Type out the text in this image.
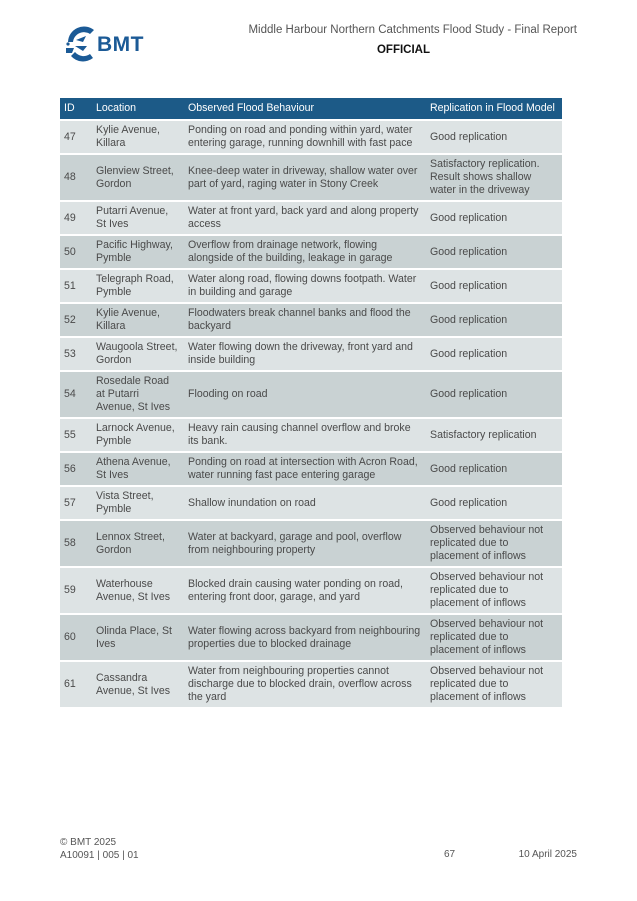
BMT
Middle Harbour Northern Catchments Flood Study - Final Report
OFFICIAL
ID	Location	Observed Flood Behaviour	Replication in Flood Model
47	Kylie Avenue, Killara	Ponding on road and ponding within yard, water entering garage, running downhill with fast pace	Good replication
48	Glenview Street, Gordon	Knee-deep water in driveway, shallow water over part of yard, raging water in Stony Creek	Satisfactory replication. Result shows shallow water in the driveway
49	Putarri Avenue, St Ives	Water at front yard, back yard and along property access	Good replication
50	Pacific Highway, Pymble	Overflow from drainage network, flowing alongside of the building, leakage in garage	Good replication
51	Telegraph Road, Pymble	Water along road, flowing downs footpath. Water in building and garage	Good replication
52	Kylie Avenue, Killara	Floodwaters break channel banks and flood the backyard	Good replication
53	Waugoola Street, Gordon	Water flowing down the driveway, front yard and inside building	Good replication
54	Rosedale Road at Putarri Avenue, St Ives	Flooding on road	Good replication
55	Larnock Avenue, Pymble	Heavy rain causing channel overflow and broke its bank.	Satisfactory replication
56	Athena Avenue, St Ives	Ponding on road at intersection with Acron Road, water running fast pace entering garage	Good replication
57	Vista Street, Pymble	Shallow inundation on road	Good replication
58	Lennox Street, Gordon	Water at backyard, garage and pool, overflow from neighbouring property	Observed behaviour not replicated due to placement of inflows
59	Waterhouse Avenue, St Ives	Blocked drain causing water ponding on road, entering front door, garage, and yard	Observed behaviour not replicated due to placement of inflows
60	Olinda Place, St Ives	Water flowing across backyard from neighbouring properties due to blocked drainage	Observed behaviour not replicated due to placement of inflows
61	Cassandra Avenue, St Ives	Water from neighbouring properties cannot discharge due to blocked drain, overflow across the yard	Observed behaviour not replicated due to placement of inflows
© BMT 2025
A10091 | 005 | 01	67	10 April 2025
